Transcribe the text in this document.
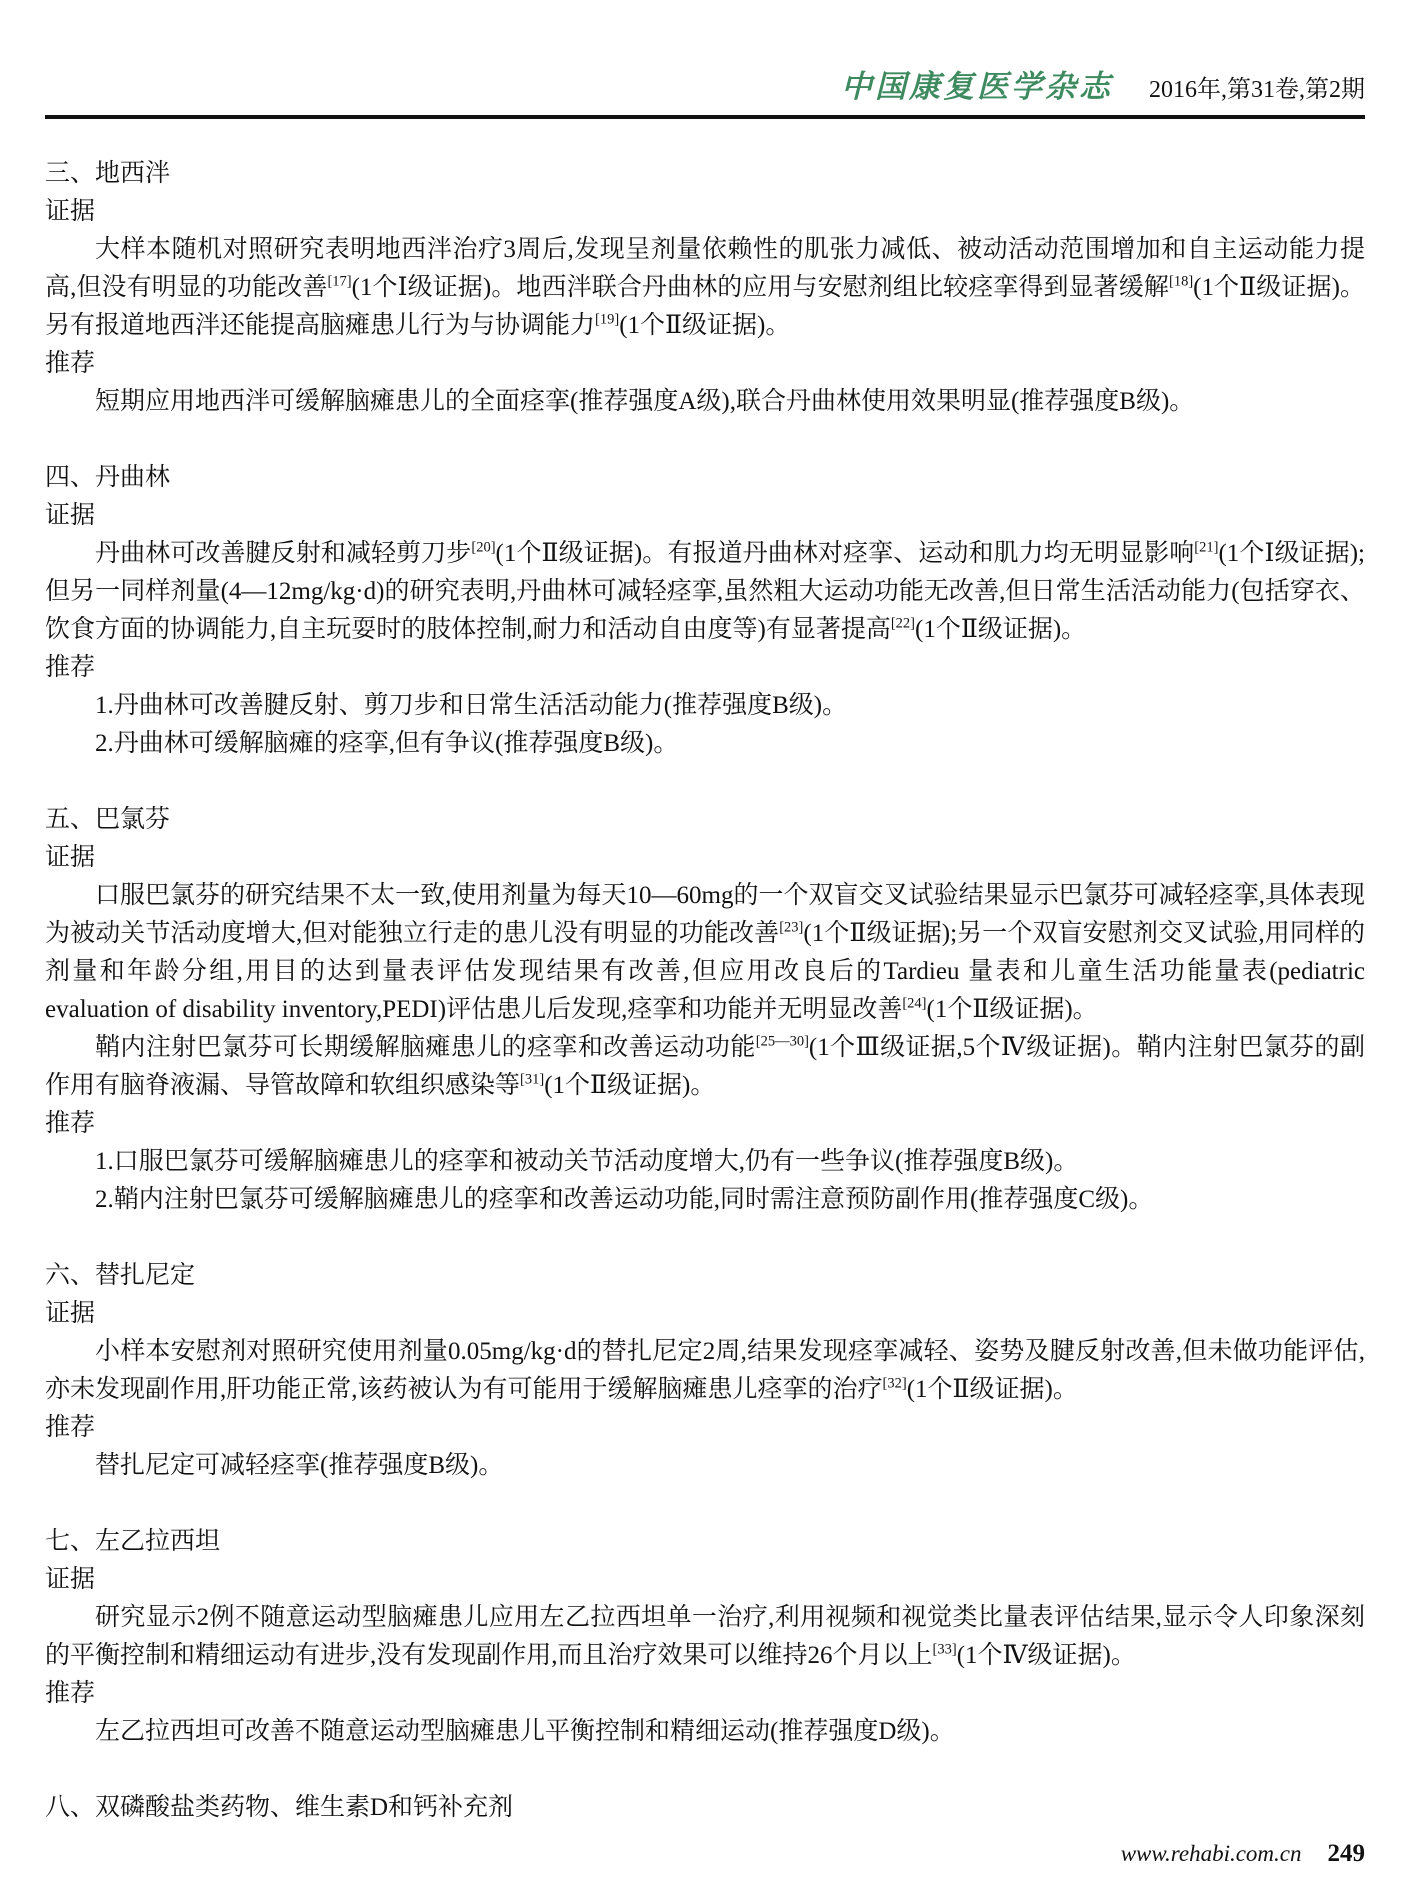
中国康复医学杂志 2016年,第31卷,第2期
三、地西泮
证据

大样本随机对照研究表明地西泮治疗3周后,发现呈剂量依赖性的肌张力减低、被动活动范围增加和自主运动能力提高,但没有明显的功能改善[17](1个Ⅰ级证据)。地西泮联合丹曲林的应用与安慰剂组比较痉挛得到显著缓解[18](1个Ⅱ级证据)。另有报道地西泮还能提高脑瘫患儿行为与协调能力[19](1个Ⅱ级证据)。

推荐

短期应用地西泮可缓解脑瘫患儿的全面痉挛(推荐强度A级),联合丹曲林使用效果明显(推荐强度B级)。

四、丹曲林
证据

丹曲林可改善腱反射和减轻剪刀步[20](1个Ⅱ级证据)。有报道丹曲林对痉挛、运动和肌力均无明显影响[21](1个Ⅰ级证据);但另一同样剂量(4—12mg/kg·d)的研究表明,丹曲林可减轻痉挛,虽然粗大运动功能无改善,但日常生活活动能力(包括穿衣、饮食方面的协调能力,自主玩耍时的肢体控制,耐力和活动自由度等)有显著提高[22](1个Ⅱ级证据)。

推荐

1.丹曲林可改善腱反射、剪刀步和日常生活活动能力(推荐强度B级)。

2.丹曲林可缓解脑瘫的痉挛,但有争议(推荐强度B级)。

五、巴氯芬
证据

口服巴氯芬的研究结果不太一致,使用剂量为每天10—60mg的一个双盲交叉试验结果显示巴氯芬可减轻痉挛,具体表现为被动关节活动度增大,但对能独立行走的患儿没有明显的功能改善[23](1个Ⅱ级证据);另一个双盲安慰剂交叉试验,用同样的剂量和年龄分组,用目的达到量表评估发现结果有改善,但应用改良后的Tardieu 量表和儿童生活功能量表(pediatric evaluation of disability inventory,PEDI)评估患儿后发现,痉挛和功能并无明显改善[24](1个Ⅱ级证据)。

鞘内注射巴氯芬可长期缓解脑瘫患儿的痉挛和改善运动功能[25—30](1个Ⅲ级证据,5个Ⅳ级证据)。鞘内注射巴氯芬的副作用有脑脊液漏、导管故障和软组织感染等[31](1个Ⅱ级证据)。

推荐

1.口服巴氯芬可缓解脑瘫患儿的痉挛和被动关节活动度增大,仍有一些争议(推荐强度B级)。

2.鞘内注射巴氯芬可缓解脑瘫患儿的痉挛和改善运动功能,同时需注意预防副作用(推荐强度C级)。

六、替扎尼定
证据

小样本安慰剂对照研究使用剂量0.05mg/kg·d的替扎尼定2周,结果发现痉挛减轻、姿势及腱反射改善,但未做功能评估,亦未发现副作用,肝功能正常,该药被认为有可能用于缓解脑瘫患儿痉挛的治疗[32](1个Ⅱ级证据)。

推荐

替扎尼定可减轻痉挛(推荐强度B级)。

七、左乙拉西坦
证据

研究显示2例不随意运动型脑瘫患儿应用左乙拉西坦单一治疗,利用视频和视觉类比量表评估结果,显示令人印象深刻的平衡控制和精细运动有进步,没有发现副作用,而且治疗效果可以维持26个月以上[33](1个Ⅳ级证据)。

推荐

左乙拉西坦可改善不随意运动型脑瘫患儿平衡控制和精细运动(推荐强度D级)。

八、双磷酸盐类药物、维生素D和钙补充剂
www.rehabi.com.cn 249
